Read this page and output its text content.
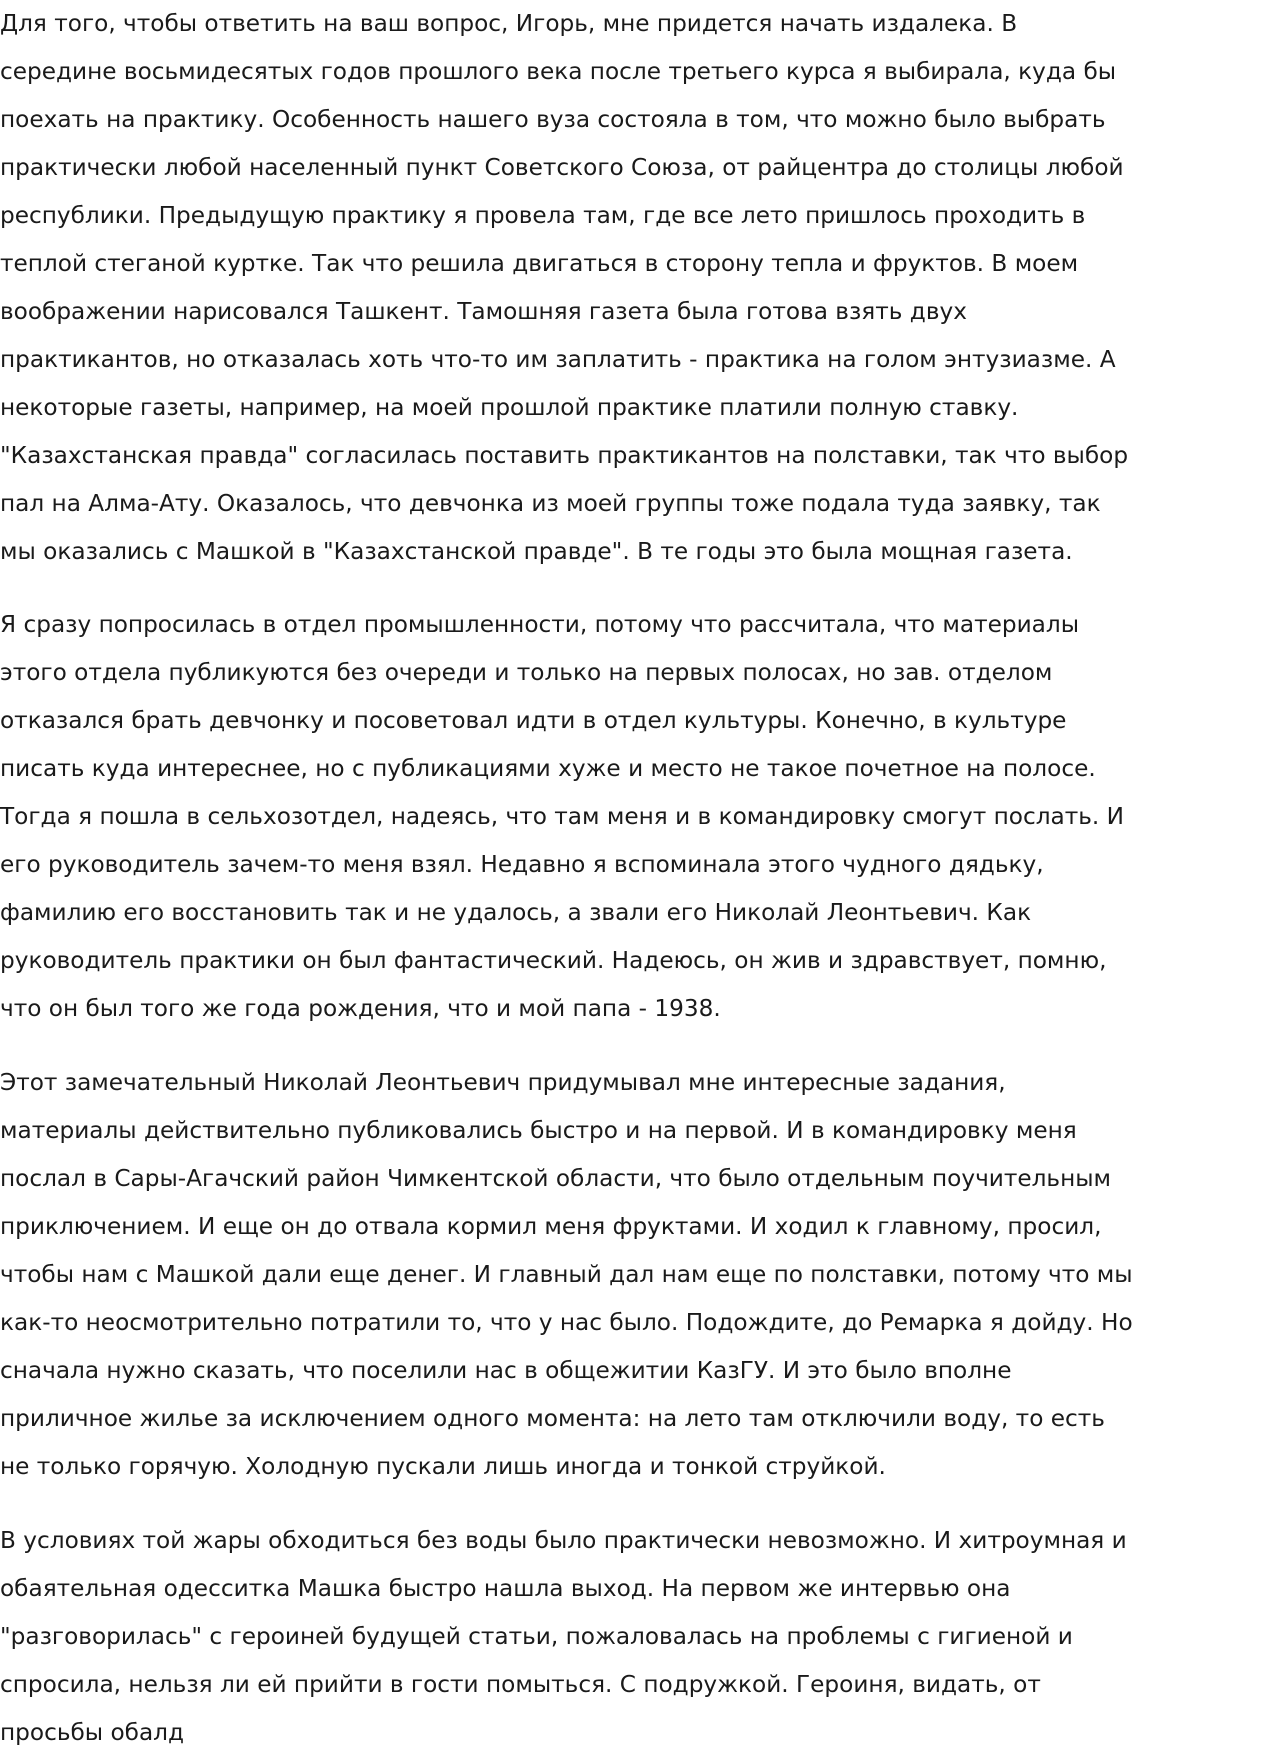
Для того, чтобы ответить на ваш вопрос, Игорь, мне придется начать издалека. В
середине восьмидесятых годов прошлого века после третьего курса я выбирала, куда бы
поехать на практику. Особенность нашего вуза состояла в том, что можно было выбрать
практически любой населенный пункт Советского Союза, от райцентра до столицы любой
республики. Предыдущую практику я провела там, где все лето пришлось проходить в
теплой стеганой куртке. Так что решила двигаться в сторону тепла и фруктов. В моем
воображении нарисовался Ташкент. Тамошняя газета была готова взять двух
практикантов, но отказалась хоть что-то им заплатить - практика на голом энтузиазме. А
некоторые газеты, например, на моей прошлой практике платили полную ставку.
"Казахстанская правда" согласилась поставить практикантов на полставки, так что выбор
пал на Алма-Ату. Оказалось, что девчонка из моей группы тоже подала туда заявку, так
мы оказались с Машкой в "Казахстанской правде". В те годы это была мощная газета.
Я сразу попросилась в отдел промышленности, потому что рассчитала, что материалы
этого отдела публикуются без очереди и только на первых полосах, но зав. отделом
отказался брать девчонку и посоветовал идти в отдел культуры. Конечно, в культуре
писать куда интереснее, но с публикациями хуже и место не такое почетное на полосе.
Тогда я пошла в сельхозотдел, надеясь, что там меня и в командировку смогут послать. И
его руководитель зачем-то меня взял. Недавно я вспоминала этого чудного дядьку,
фамилию его восстановить так и не удалось, а звали его Николай Леонтьевич. Как
руководитель практики он был фантастический. Надеюсь, он жив и здравствует, помню,
что он был того же года рождения, что и мой папа - 1938.
Этот замечательный Николай Леонтьевич придумывал мне интересные задания,
материалы действительно публиковались быстро и на первой. И в командировку меня
послал в Сары-Агачский район Чимкентской области, что было отдельным поучительным
приключением. И еще он до отвала кормил меня фруктами. И ходил к главному, просил,
чтобы нам с Машкой дали еще денег. И главный дал нам еще по полставки, потому что мы
как-то неосмотрительно потратили то, что у нас было. Подождите, до Ремарка я дойду. Но
сначала нужно сказать, что поселили нас в общежитии КазГУ. И это было вполне
приличное жилье за исключением одного момента: на лето там отключили воду, то есть
не только горячую. Холодную пускали лишь иногда и тонкой струйкой.
В условиях той жары обходиться без воды было практически невозможно. И хитроумная и
обаятельная одесситка Машка быстро нашла выход. На первом же интервью она
"разговорилась" с героиней будущей статьи, пожаловалась на проблемы с гигиеной и
спросила, нельзя ли ей прийти в гости помыться. С подружкой. Героиня, видать, от
просьбы обалд
